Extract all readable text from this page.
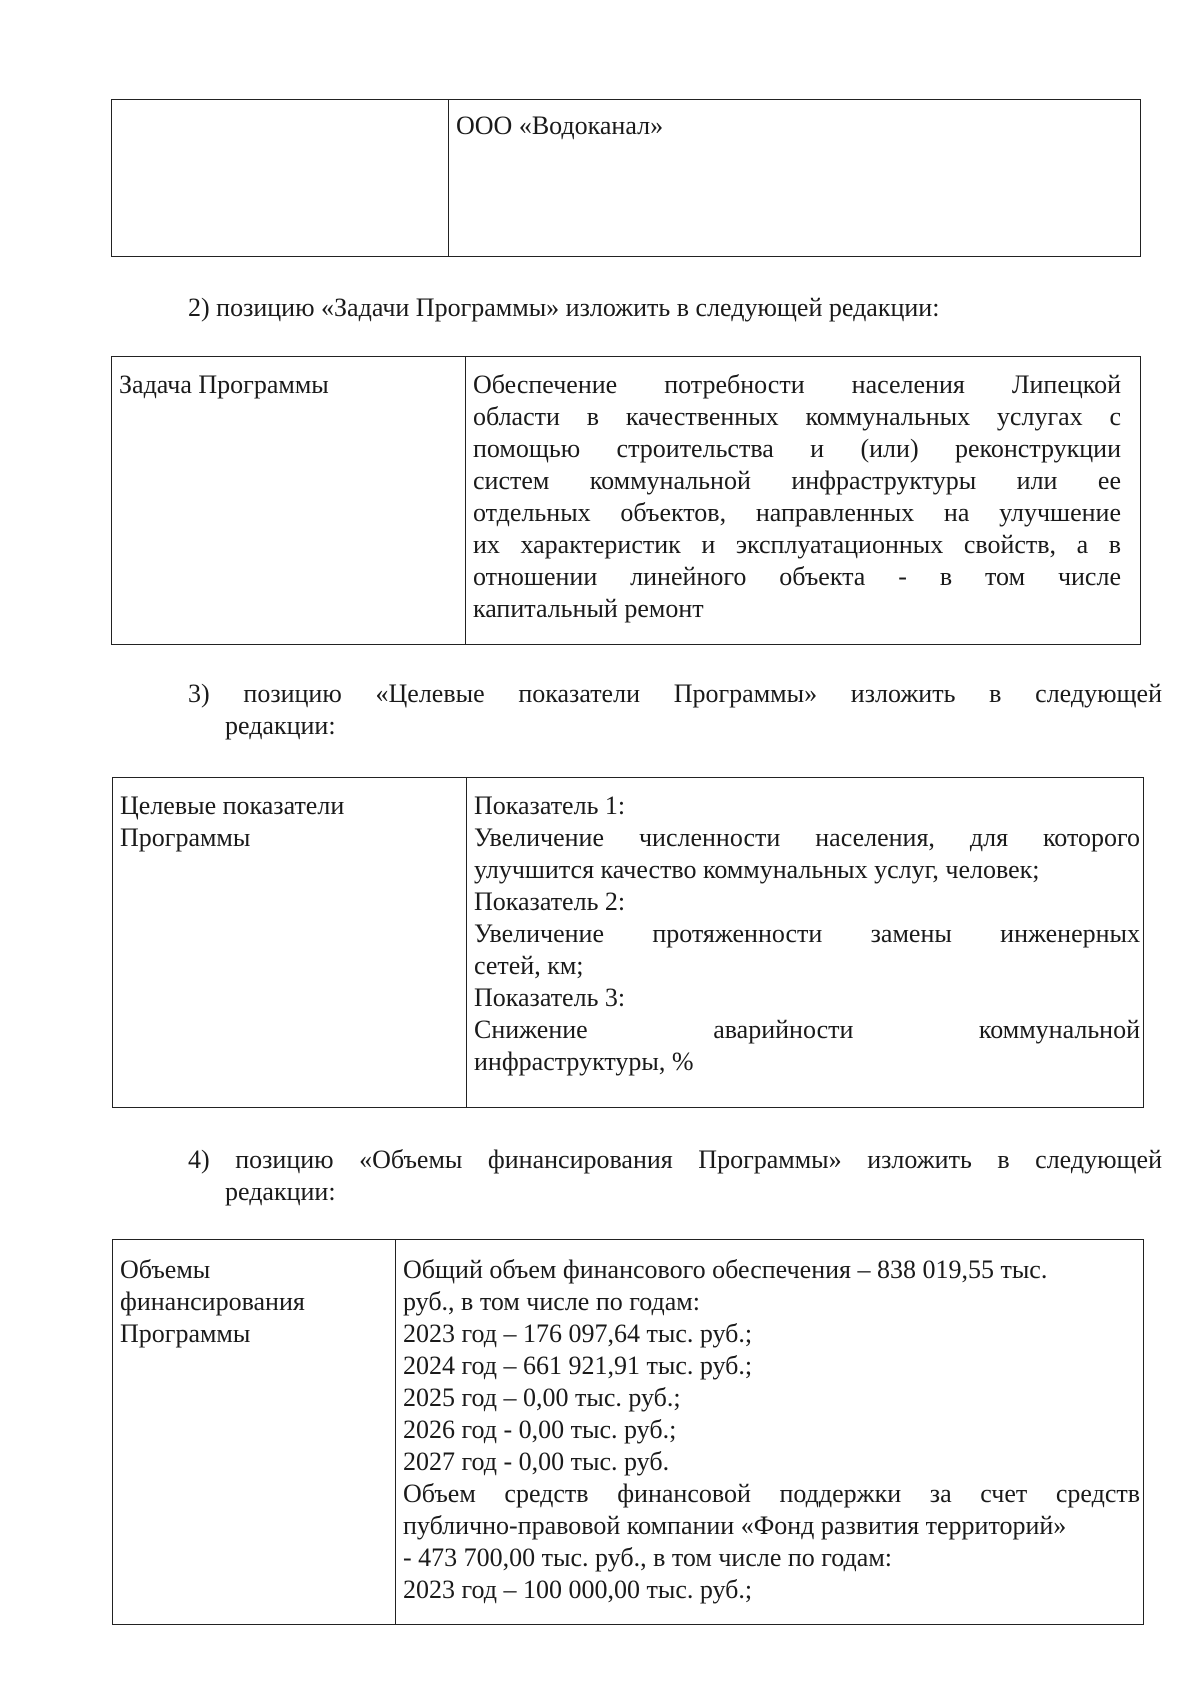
ООО «Водоканал»
2) позицию «Задачи Программы» изложить в следующей редакции:
Задача Программы	Обеспечение потребности населения Липецкой
области в качественных коммунальных услугах с
помощью строительства и (или) реконструкции
систем коммунальной инфраструктуры или ее
отдельных объектов, направленных на улучшение
их характеристик и эксплуатационных свойств, а в
отношении линейного объекта - в том числе
капитальный ремонт
3) позицию «Целевые показатели Программы» изложить в следующей
редакции:
Целевые показатели
Программы
Показатель 1:
Увеличение численности населения, для которого
улучшится качество коммунальных услуг, человек;
Показатель 2:
Увеличение протяженности замены инженерных
сетей, км;
Показатель 3:
Снижение аварийности коммунальной
инфраструктуры, %
4) позицию «Объемы финансирования Программы» изложить в следующей
редакции:
Объемы
финансирования
Программы
Общий объем финансового обеспечения – 838 019,55 тыс.
руб., в том числе по годам:
2023 год – 176 097,64 тыс. руб.;
2024 год – 661 921,91 тыс. руб.;
2025 год – 0,00 тыс. руб.;
2026 год - 0,00 тыс. руб.;
2027 год - 0,00 тыс. руб.
Объем средств финансовой поддержки за счет средств
публично-правовой компании «Фонд развития территорий»
- 473 700,00 тыс. руб., в том числе по годам:
2023 год – 100 000,00 тыс. руб.;
